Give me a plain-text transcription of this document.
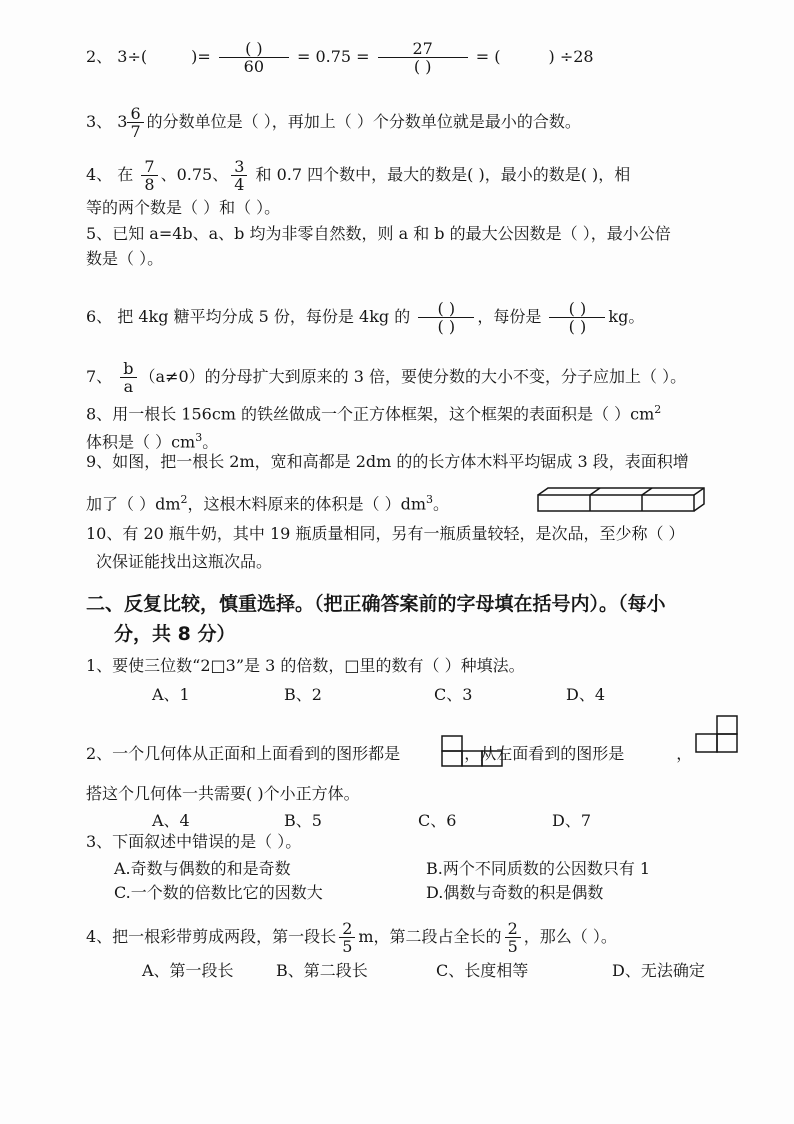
2、 3÷(	)= $\frac{( )}{60} = 0.75 = \frac{27}{( )}$ = (	) ÷28
3、 $3 \frac{6}{7}$ 的分数单位是（ ），再加上（ ）个分数单位就是最小的合数。
4、 在 $\frac{7}{8}$ 、0.75、 $\frac{3}{4}$ 和 0.7 四个数中，最大的数是( )，最小的数是( )，相
等的两个数是（ ）和（ ）。
5、已知 a=4b、a、b 均为非零自然数，则 a 和 b 的最大公因数是（ ），最小公倍
数是（ ）。
6、 把 4kg 糖平均分成 5 份，每份是 4kg 的 $\frac{( )}{( )}$ ，每份是 $\frac{( )}{( )}$ kg。
7、 $\frac{b}{a} (a\ne 0)$的分母扩大到原来的 3 倍，要使分数的大小不变，分子应加上（ ）。
8、用一根长 156cm 的铁丝做成一个正方体框架，这个框架的表面积是（ ）$cm^2$
体积是（ ）$cm^3$。
9、如图，把一根长 2m，宽和高都是 2dm 的的长方体木料平均锯成 3 段，表面积增
加了（ ）$dm^2$，这根木料原来的体积是（ ）$dm^3$。
10、有 20 瓶牛奶，其中 19 瓶质量相同，另有一瓶质量较轻，是次品，至少称（ ）
次保证能找出这瓶次品。
二、反复比较，慎重选择。（把正确答案前的字母填在括号内）。（每小
分，共 8 分）
1、要使三位数“2□3”是 3 的倍数，□里的数有（ ）种填法。
A、1	B、2	C、3	D、4
2、一个几何体从正面和上面看到的图形都是	，从左面看到的图形是	，
搭这个几何体一共需要( )个小正方体。
A、4	B、5	C、6	D、7
3、下面叙述中错误的是（ ）。
A.奇数与偶数的和是奇数	B.两个不同质数的公因数只有 1
C.一个数的倍数比它的因数大	D.偶数与奇数的积是偶数
4、把一根彩带剪成两段，第一段长 $\frac{2}{5}$ m，第二段占全长的 $\frac{2}{5}$ ，那么（ ）。
A、第一段长	B、第二段长	C、长度相等	D、无法确定
